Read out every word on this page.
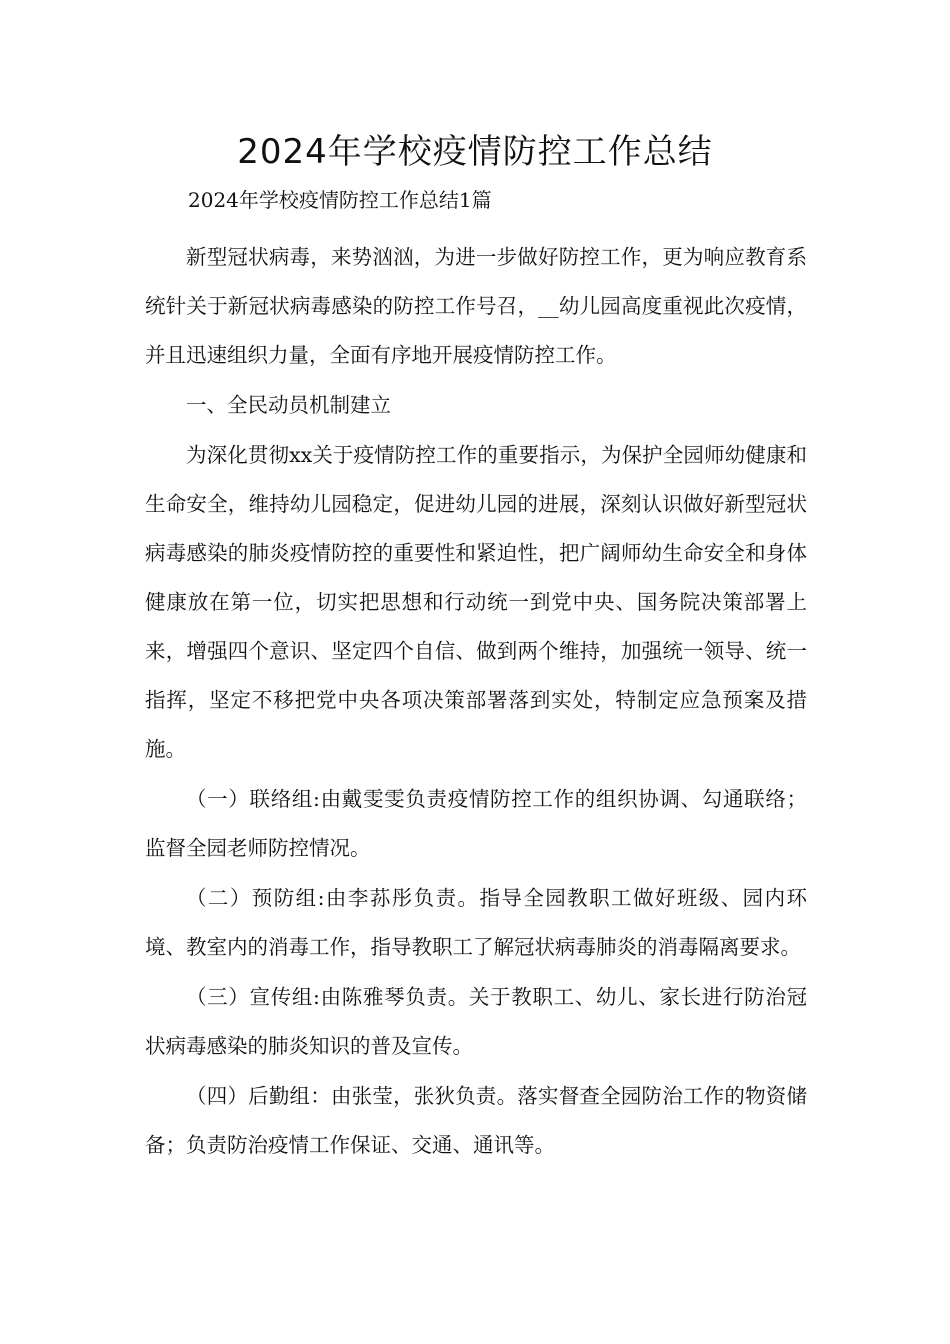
2024年学校疫情防控工作总结

2024年学校疫情防控工作总结1篇

新型冠状病毒，来势汹汹，为进一步做好防控工作，更为响应教育系统针关于新冠状病毒感染的防控工作号召，__幼儿园高度重视此次疫情，并且迅速组织力量，全面有序地开展疫情防控工作。

一、全民动员机制建立

为深化贯彻xx关于疫情防控工作的重要指示，为保护全园师幼健康和生命安全，维持幼儿园稳定，促进幼儿园的进展，深刻认识做好新型冠状病毒感染的肺炎疫情防控的重要性和紧迫性，把广阔师幼生命安全和身体健康放在第一位，切实把思想和行动统一到党中央、国务院决策部署上来，增强四个意识、坚定四个自信、做到两个维持，加强统一领导、统一指挥，坚定不移把党中央各项决策部署落到实处，特制定应急预案及措施。

（一）联络组:由戴雯雯负责疫情防控工作的组织协调、勾通联络；监督全园老师防控情况。

（二）预防组:由李荪彤负责。指导全园教职工做好班级、园内环境、教室内的消毒工作，指导教职工了解冠状病毒肺炎的消毒隔离要求。

（三）宣传组:由陈雅琴负责。关于教职工、幼儿、家长进行防治冠状病毒感染的肺炎知识的普及宣传。

（四）后勤组：由张莹，张狄负责。落实督查全园防治工作的物资储备；负责防治疫情工作保证、交通、通讯等。
